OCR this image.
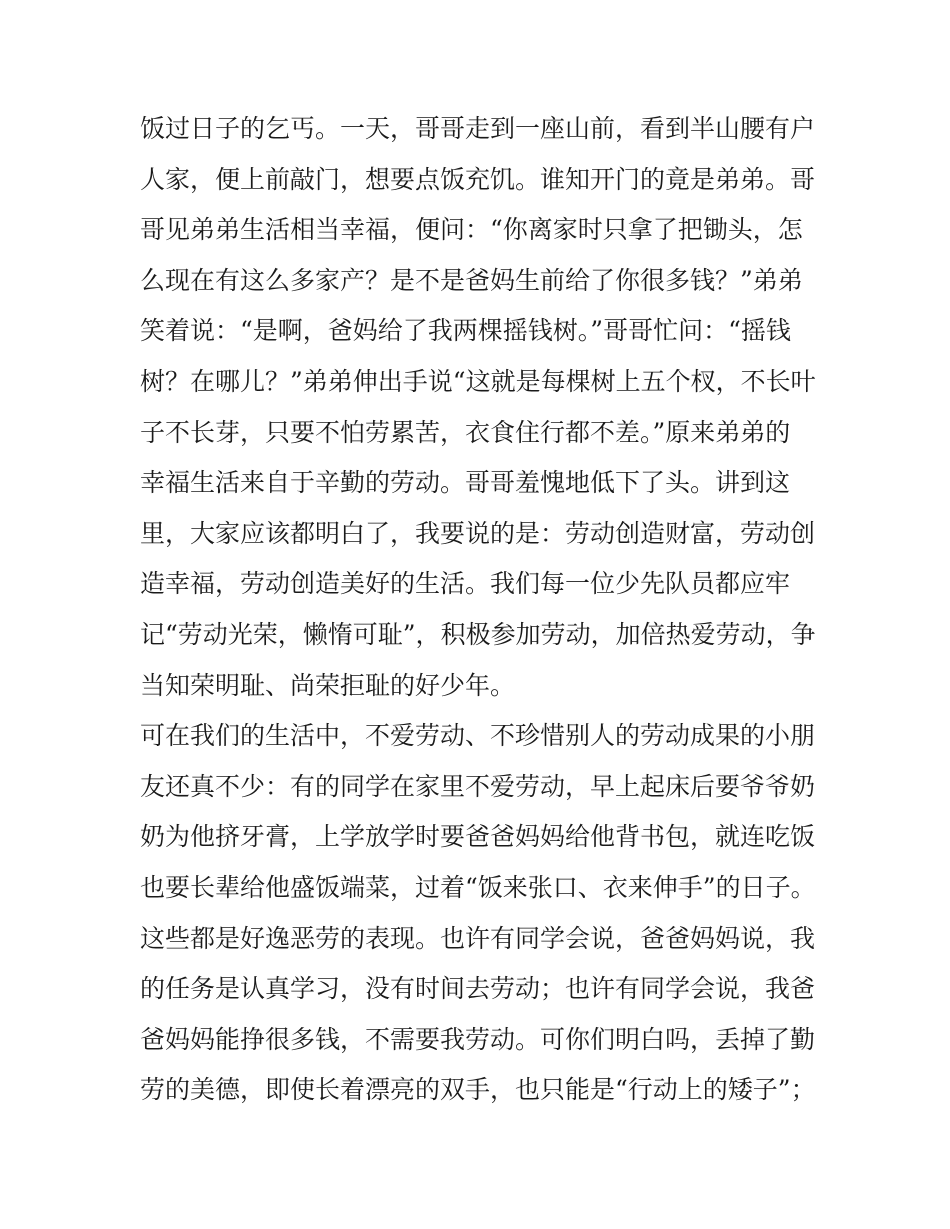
饭过日子的乞丐。一天，哥哥走到一座山前，看到半山腰有户
人家，便上前敲门，想要点饭充饥。谁知开门的竟是弟弟。哥
哥见弟弟生活相当幸福，便问：“你离家时只拿了把锄头，怎
么现在有这么多家产？是不是爸妈生前给了你很多钱？”弟弟
笑着说：“是啊，爸妈给了我两棵摇钱树。”哥哥忙问：“摇钱
树？在哪儿？”弟弟伸出手说“这就是每棵树上五个杈，不长叶
子不长芽，只要不怕劳累苦，衣食住行都不差。”原来弟弟的
幸福生活来自于辛勤的劳动。哥哥羞愧地低下了头。讲到这
里，大家应该都明白了，我要说的是：劳动创造财富，劳动创
造幸福，劳动创造美好的生活。我们每一位少先队员都应牢
记“劳动光荣，懒惰可耻”，积极参加劳动，加倍热爱劳动，争
当知荣明耻、尚荣拒耻的好少年。
可在我们的生活中，不爱劳动、不珍惜别人的劳动成果的小朋
友还真不少：有的同学在家里不爱劳动，早上起床后要爷爷奶
奶为他挤牙膏，上学放学时要爸爸妈妈给他背书包，就连吃饭
也要长辈给他盛饭端菜，过着“饭来张口、衣来伸手”的日子。
这些都是好逸恶劳的表现。也许有同学会说，爸爸妈妈说，我
的任务是认真学习，没有时间去劳动；也许有同学会说，我爸
爸妈妈能挣很多钱，不需要我劳动。可你们明白吗，丢掉了勤
劳的美德，即使长着漂亮的双手，也只能是“行动上的矮子”；
